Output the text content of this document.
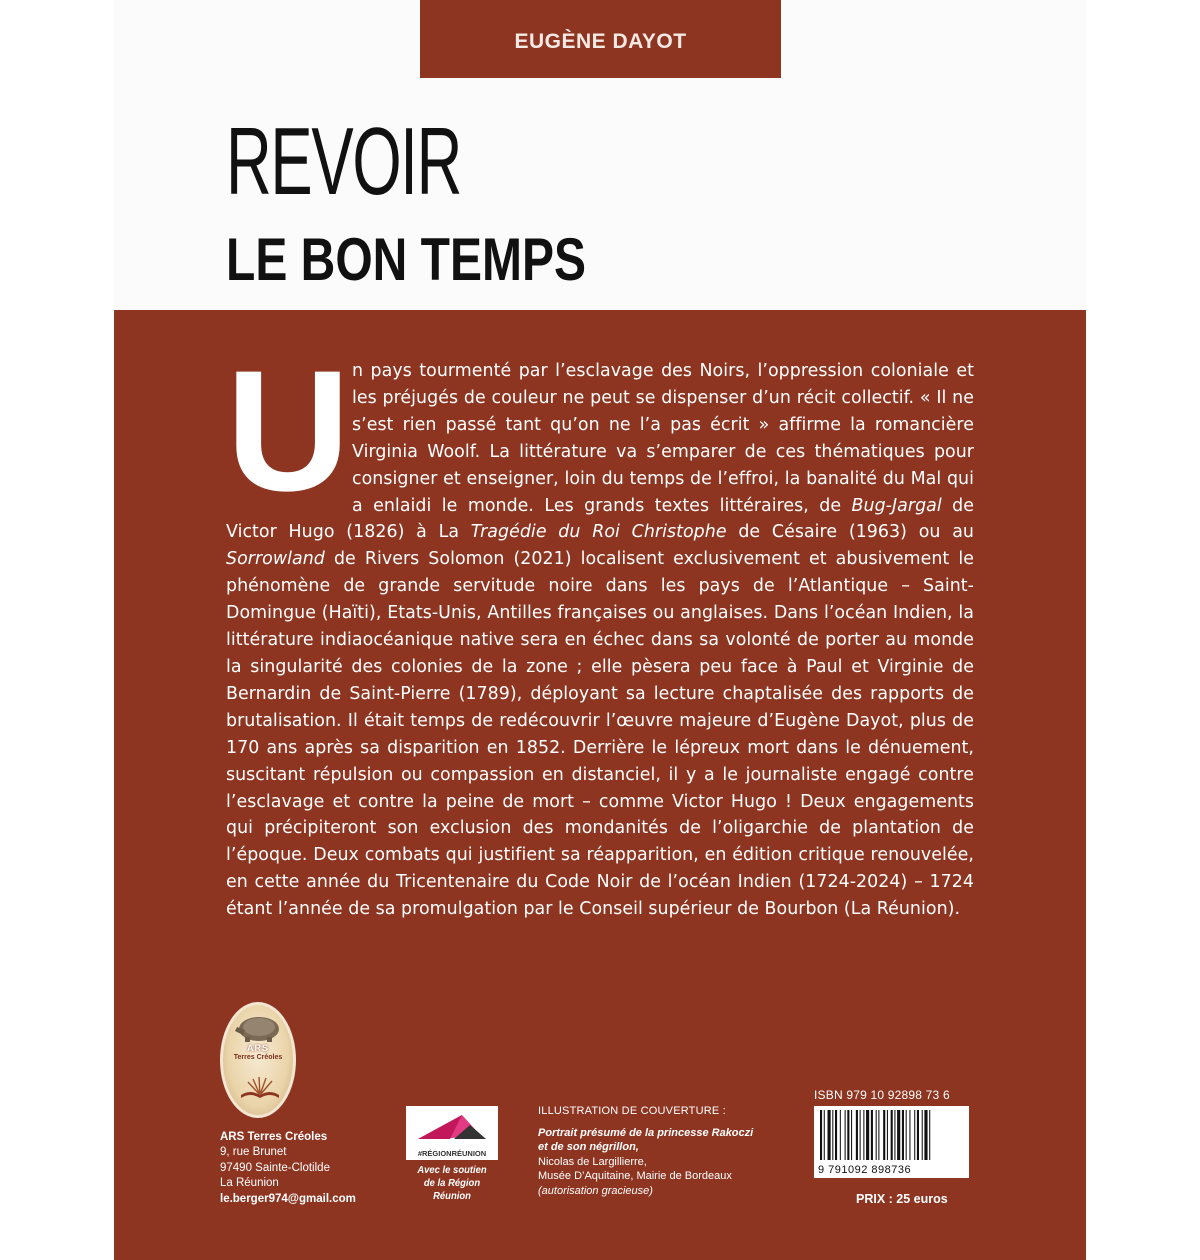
EUGÈNE DAYOT
REVOIR
LE BON TEMPS

Un pays tourmenté par l’esclavage des Noirs, l’oppression coloniale et les préjugés de couleur ne peut se dispenser d’un récit collectif. « Il ne s’est rien passé tant qu’on ne l’a pas écrit » affirme la romancière Virginia Woolf. La littérature va s’emparer de ces thématiques pour consigner et enseigner, loin du temps de l’effroi, la banalité du Mal qui a enlaidi le monde. Les grands textes littéraires, de Bug-Jargal de Victor Hugo (1826) à La Tragédie du Roi Christophe de Césaire (1963) ou au Sorrowland de Rivers Solomon (2021) localisent exclusivement et abusivement le phénomène de grande servitude noire dans les pays de l’Atlantique – Saint-Domingue (Haïti), Etats-Unis, Antilles françaises ou anglaises. Dans l’océan Indien, la littérature indiaocéanique native sera en échec dans sa volonté de porter au monde la singularité des colonies de la zone ; elle pèsera peu face à Paul et Virginie de Bernardin de Saint-Pierre (1789), déployant sa lecture chaptalisée des rapports de brutalisation. Il était temps de redécouvrir l’œuvre majeure d’Eugène Dayot, plus de 170 ans après sa disparition en 1852. Derrière le lépreux mort dans le dénuement, suscitant répulsion ou compassion en distanciel, il y a le journaliste engagé contre l’esclavage et contre la peine de mort – comme Victor Hugo ! Deux engagements qui précipiteront son exclusion des mondanités de l’oligarchie de plantation de l’époque. Deux combats qui justifient sa réapparition, en édition critique renouvelée, en cette année du Tricentenaire du Code Noir de l’océan Indien (1724-2024) – 1724 étant l’année de sa promulgation par le Conseil supérieur de Bourbon (La Réunion).

ARS
Terres Créoles
ARS Terres Créoles
9, rue Brunet
97490 Sainte-Clotilde
La Réunion
le.berger974@gmail.com
#RÉGIONRÉUNION
Avec le soutien
de la Région Réunion
ILLUSTRATION DE COUVERTURE :
Portrait présumé de la princesse Rakoczi
et de son négrillon,
Nicolas de Largillierre,
Musée D’Aquitaine, Mairie de Bordeaux
(autorisation gracieuse)
ISBN 979 10 92898 73 6
9 791092 898736
PRIX : 25 euros
